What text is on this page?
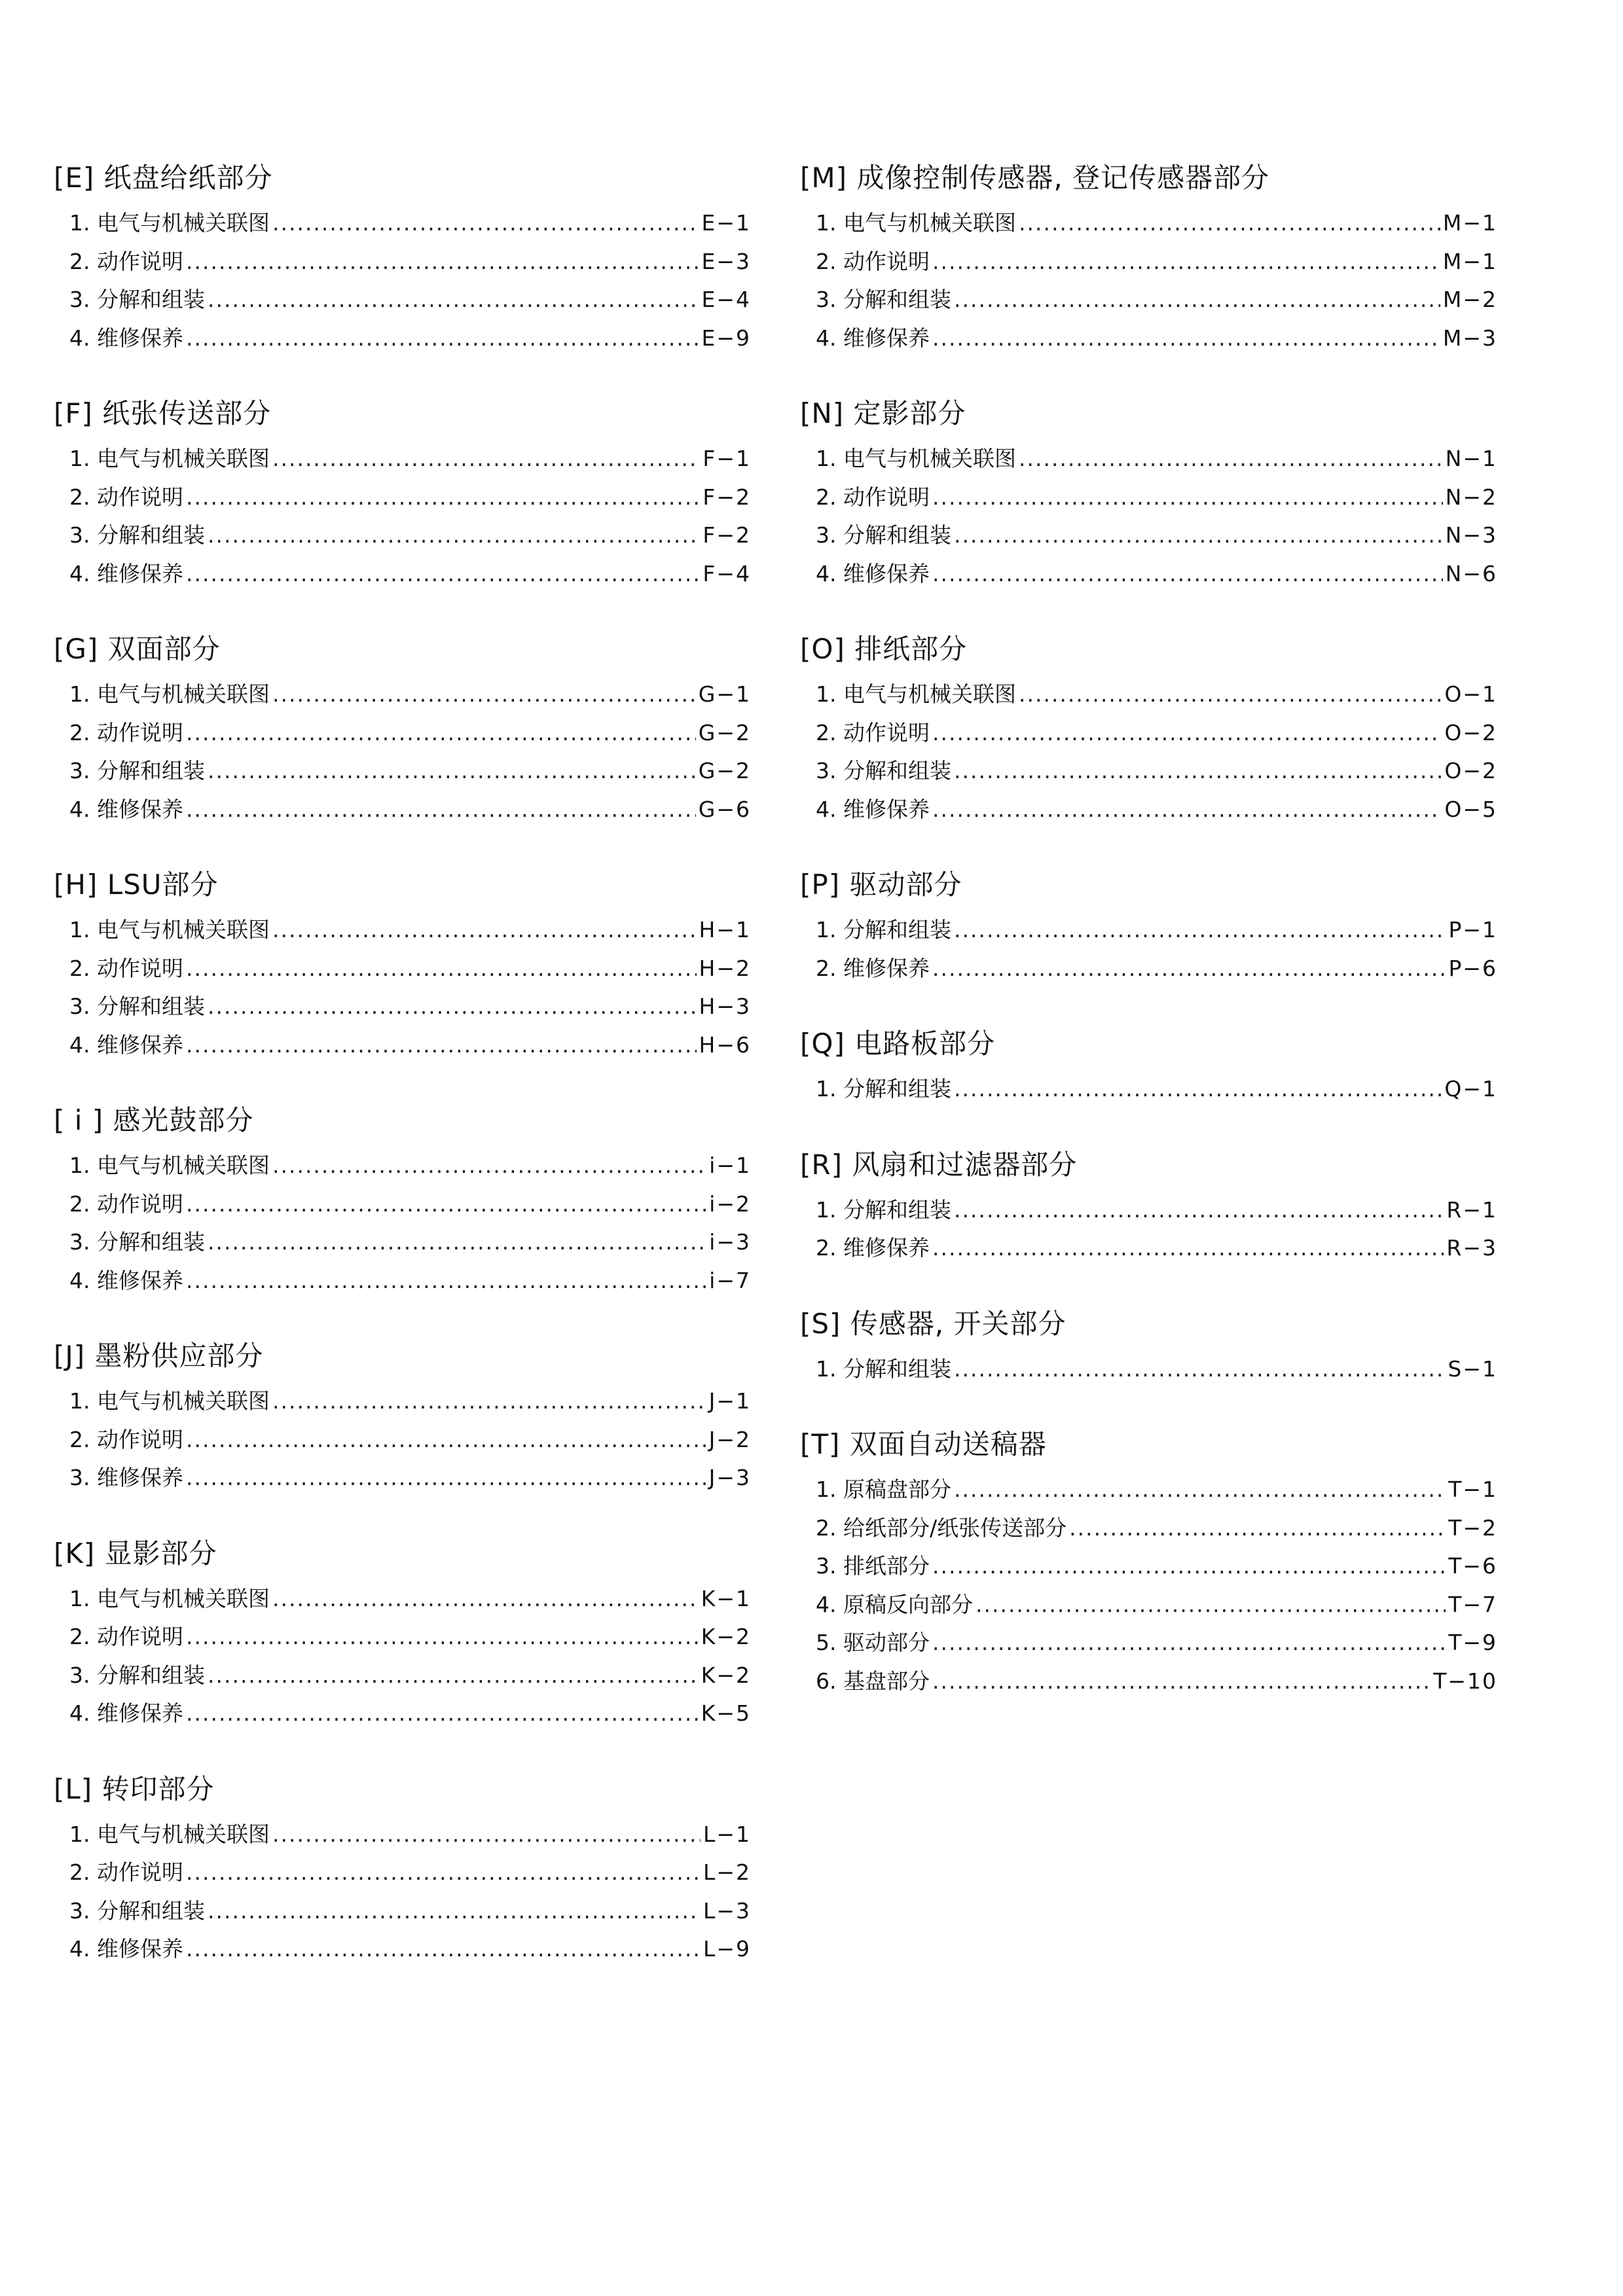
[E] 纸盘给纸部分
1. 电气与机械关联图 .....	E−1
2. 动作说明 .....	E−3
3. 分解和组装 .....	E−4
4. 维修保养 .....	E−9
[F] 纸张传送部分
1. 电气与机械关联图 .....	F−1
2. 动作说明 .....	F−2
3. 分解和组装 .....	F−2
4. 维修保养 .....	F−4
[G] 双面部分
1. 电气与机械关联图 .....	G−1
2. 动作说明 .....	G−2
3. 分解和组装 .....	G−2
4. 维修保养 .....	G−6
[H] LSU部分
1. 电气与机械关联图 .....	H−1
2. 动作说明 .....	H−2
3. 分解和组装 .....	H−3
4. 维修保养 .....	H−6
[ i ] 感光鼓部分
1. 电气与机械关联图 .....	i−1
2. 动作说明 .....	i−2
3. 分解和组装 .....	i−3
4. 维修保养 .....	i−7
[J] 墨粉供应部分
1. 电气与机械关联图 .....	J−1
2. 动作说明 .....	J−2
3. 维修保养 .....	J−3
[K] 显影部分
1. 电气与机械关联图 .....	K−1
2. 动作说明 .....	K−2
3. 分解和组装 .....	K−2
4. 维修保养 .....	K−5
[L] 转印部分
1. 电气与机械关联图 .....	L−1
2. 动作说明 .....	L−2
3. 分解和组装 .....	L−3
4. 维修保养 .....	L−9
[M] 成像控制传感器, 登记传感器部分
1. 电气与机械关联图 .....	M−1
2. 动作说明 .....	M−1
3. 分解和组装 .....	M−2
4. 维修保养 .....	M−3
[N] 定影部分
1. 电气与机械关联图 .....	N−1
2. 动作说明 .....	N−2
3. 分解和组装 .....	N−3
4. 维修保养 .....	N−6
[O] 排纸部分
1. 电气与机械关联图 .....	O−1
2. 动作说明 .....	O−2
3. 分解和组装 .....	O−2
4. 维修保养 .....	O−5
[P] 驱动部分
1. 分解和组装 .....	P−1
2. 维修保养 .....	P−6
[Q] 电路板部分
1. 分解和组装 .....	Q−1
[R] 风扇和过滤器部分
1. 分解和组装 .....	R−1
2. 维修保养 .....	R−3
[S] 传感器, 开关部分
1. 分解和组装 .....	S−1
[T] 双面自动送稿器
1. 原稿盘部分 .....	T−1
2. 给纸部分/纸张传送部分 .....	T−2
3. 排纸部分 .....	T−6
4. 原稿反向部分 .....	T−7
5. 驱动部分 .....	T−9
6. 基盘部分 .....	T−10
